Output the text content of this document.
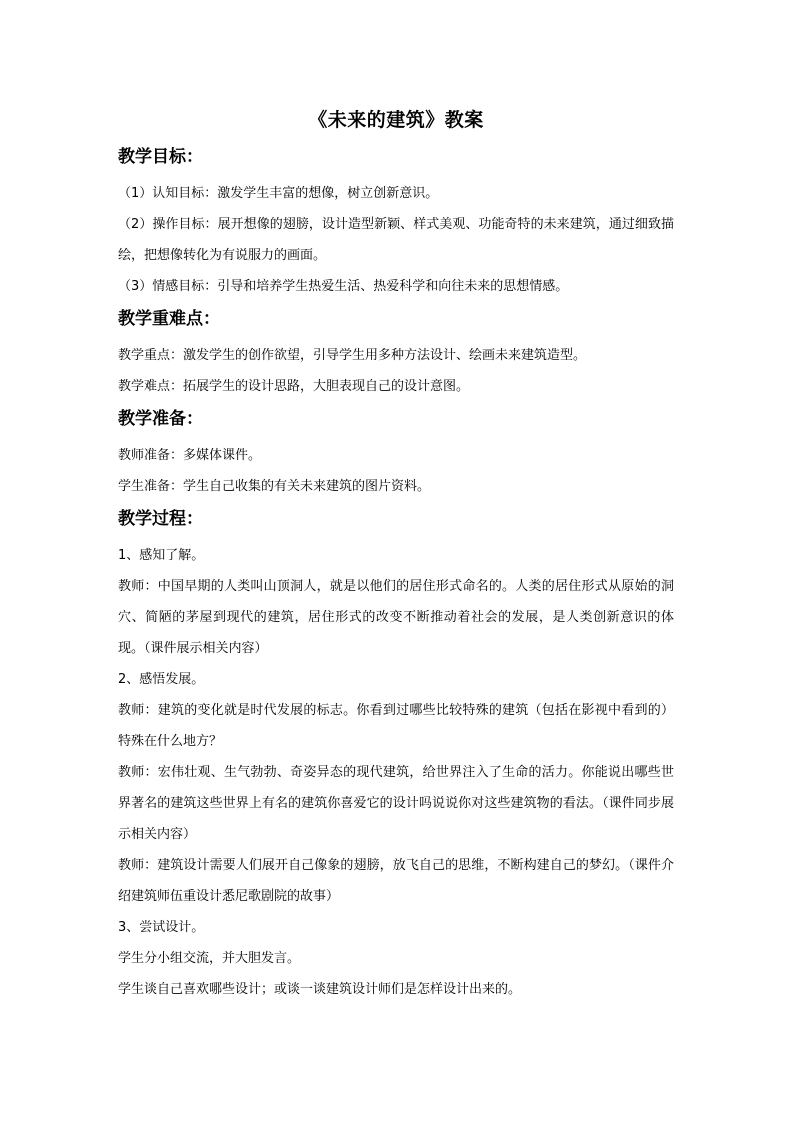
《未来的建筑》教案
教学目标：

（1）认知目标：激发学生丰富的想像，树立创新意识。

（2）操作目标：展开想像的翅膀，设计造型新颖、样式美观、功能奇特的未来建筑，通过细致描绘，把想像转化为有说服力的画面。

（3）情感目标：引导和培养学生热爱生活、热爱科学和向往未来的思想情感。

教学重难点：

教学重点：激发学生的创作欲望，引导学生用多种方法设计、绘画未来建筑造型。

教学难点：拓展学生的设计思路，大胆表现自己的设计意图。

教学准备：

教师准备：多媒体课件。

学生准备：学生自己收集的有关未来建筑的图片资料。

教学过程：

1、感知了解。

教师：中国早期的人类叫山顶洞人，就是以他们的居住形式命名的。人类的居住形式从原始的洞穴、简陋的茅屋到现代的建筑，居住形式的改变不断推动着社会的发展，是人类创新意识的体现。（课件展示相关内容）

2、感悟发展。

教师：建筑的变化就是时代发展的标志。你看到过哪些比较特殊的建筑（包括在影视中看到的）特殊在什么地方？

教师：宏伟壮观、生气勃勃、奇姿异态的现代建筑，给世界注入了生命的活力。你能说出哪些世界著名的建筑这些世界上有名的建筑你喜爱它的设计吗说说你对这些建筑物的看法。（课件同步展示相关内容）

教师：建筑设计需要人们展开自己像象的翅膀，放飞自己的思维，不断构建自己的梦幻。（课件介绍建筑师伍重设计悉尼歌剧院的故事）

3、尝试设计。

学生分小组交流，并大胆发言。

学生谈自己喜欢哪些设计；或谈一谈建筑设计师们是怎样设计出来的。
